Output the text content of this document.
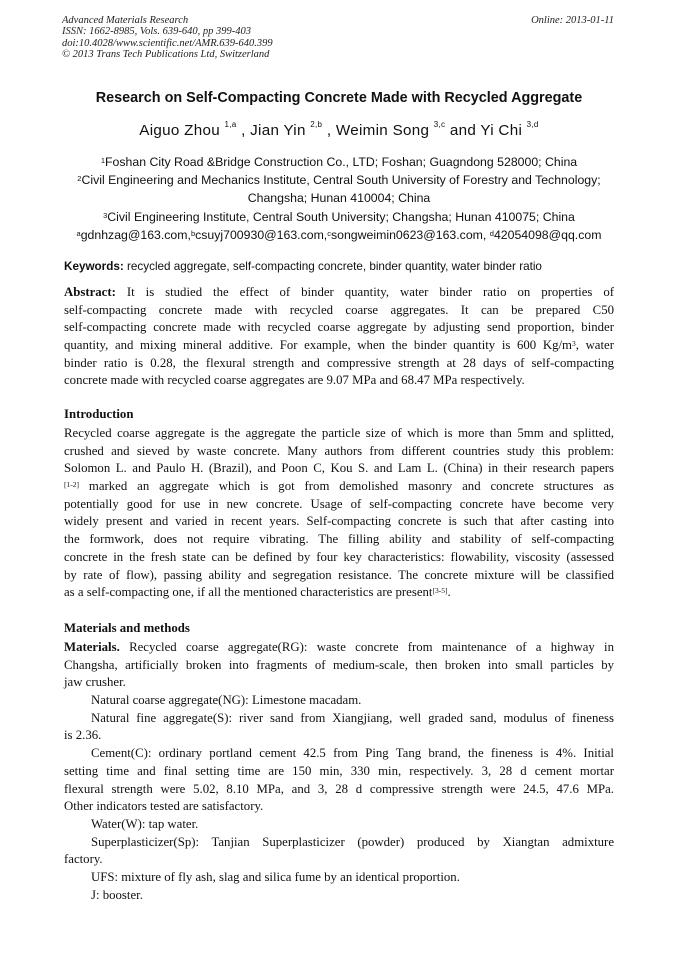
Advanced Materials Research
ISSN: 1662-8985, Vols. 639-640, pp 399-403
doi:10.4028/www.scientific.net/AMR.639-640.399
© 2013 Trans Tech Publications Ltd, Switzerland
Online: 2013-01-11
Research on Self-Compacting Concrete Made with Recycled Aggregate
Aiguo Zhou $^{1,a}$ , Jian Yin $^{2,b}$ , Weimin Song $^{3,c}$ and Yi Chi $^{3,d}$
$^1$Foshan City Road &Bridge Construction Co., LTD; Foshan; Guagndong 528000; China
$^2$Civil Engineering and Mechanics Institute, Central South University of Forestry and Technology;
Changsha; Hunan 410004; China
$^3$Civil Engineering Institute, Central South University; Changsha; Hunan 410075; China
$^a$gdnhzag@163.com,$^b$csuyj700930@163.com,$^c$songweimin0623@163.com, $^d$42054098@qq.com
Keywords: recycled aggregate, self-compacting concrete, binder quantity, water binder ratio
Abstract: It is studied the effect of binder quantity, water binder ratio on properties of
self-compacting concrete made with recycled coarse aggregates. It can be prepared C50
self-compacting concrete made with recycled coarse aggregate by adjusting send proportion, binder
quantity, and mixing mineral additive. For example, when the binder quantity is 600 $Kg/m^3$, water
binder ratio is 0.28, the flexural strength and compressive strength at 28 days of self-compacting
concrete made with recycled coarse aggregates are 9.07 MPa and 68.47 MPa respectively.
Introduction
Recycled coarse aggregate is the aggregate the particle size of which is more than 5mm and splitted,
crushed and sieved by waste concrete. Many authors from different countries study this problem:
Solomon L. and Paulo H. (Brazil), and Poon C, Kou S. and Lam L. (China) in their research papers
[1-2] marked an aggregate which is got from demolished masonry and concrete structures as
potentially good for use in new concrete. Usage of self-compacting concrete have become very
widely present and varied in recent years. Self-compacting concrete is such that after casting into
the formwork, does not require vibrating. The filling ability and stability of self-compacting
concrete in the fresh state can be defined by four key characteristics: flowability, viscosity (assessed
by rate of flow), passing ability and segregation resistance. The concrete mixture will be classified
as a self-compacting one, if all the mentioned characteristics are present[3-5].
Materials and methods
Materials. Recycled coarse aggregate(RG): waste concrete from maintenance of a highway in
Changsha, artificially broken into fragments of medium-scale, then broken into small particles by
jaw crusher.
Natural coarse aggregate(NG): Limestone macadam.
Natural fine aggregate(S): river sand from Xiangjiang, well graded sand, modulus of fineness
is 2.36.
Cement(C): ordinary portland cement 42.5 from Ping Tang brand, the fineness is 4%. Initial
setting time and final setting time are 150 min, 330 min, respectively. 3, 28 d cement mortar
flexural strength were 5.02, 8.10 MPa, and 3, 28 d compressive strength were 24.5, 47.6 MPa.
Other indicators tested are satisfactory.
Water(W): tap water.
Superplasticizer(Sp): Tanjian Superplasticizer (powder) produced by Xiangtan admixture
factory.
UFS: mixture of fly ash, slag and silica fume by an identical proportion.
J: booster.
